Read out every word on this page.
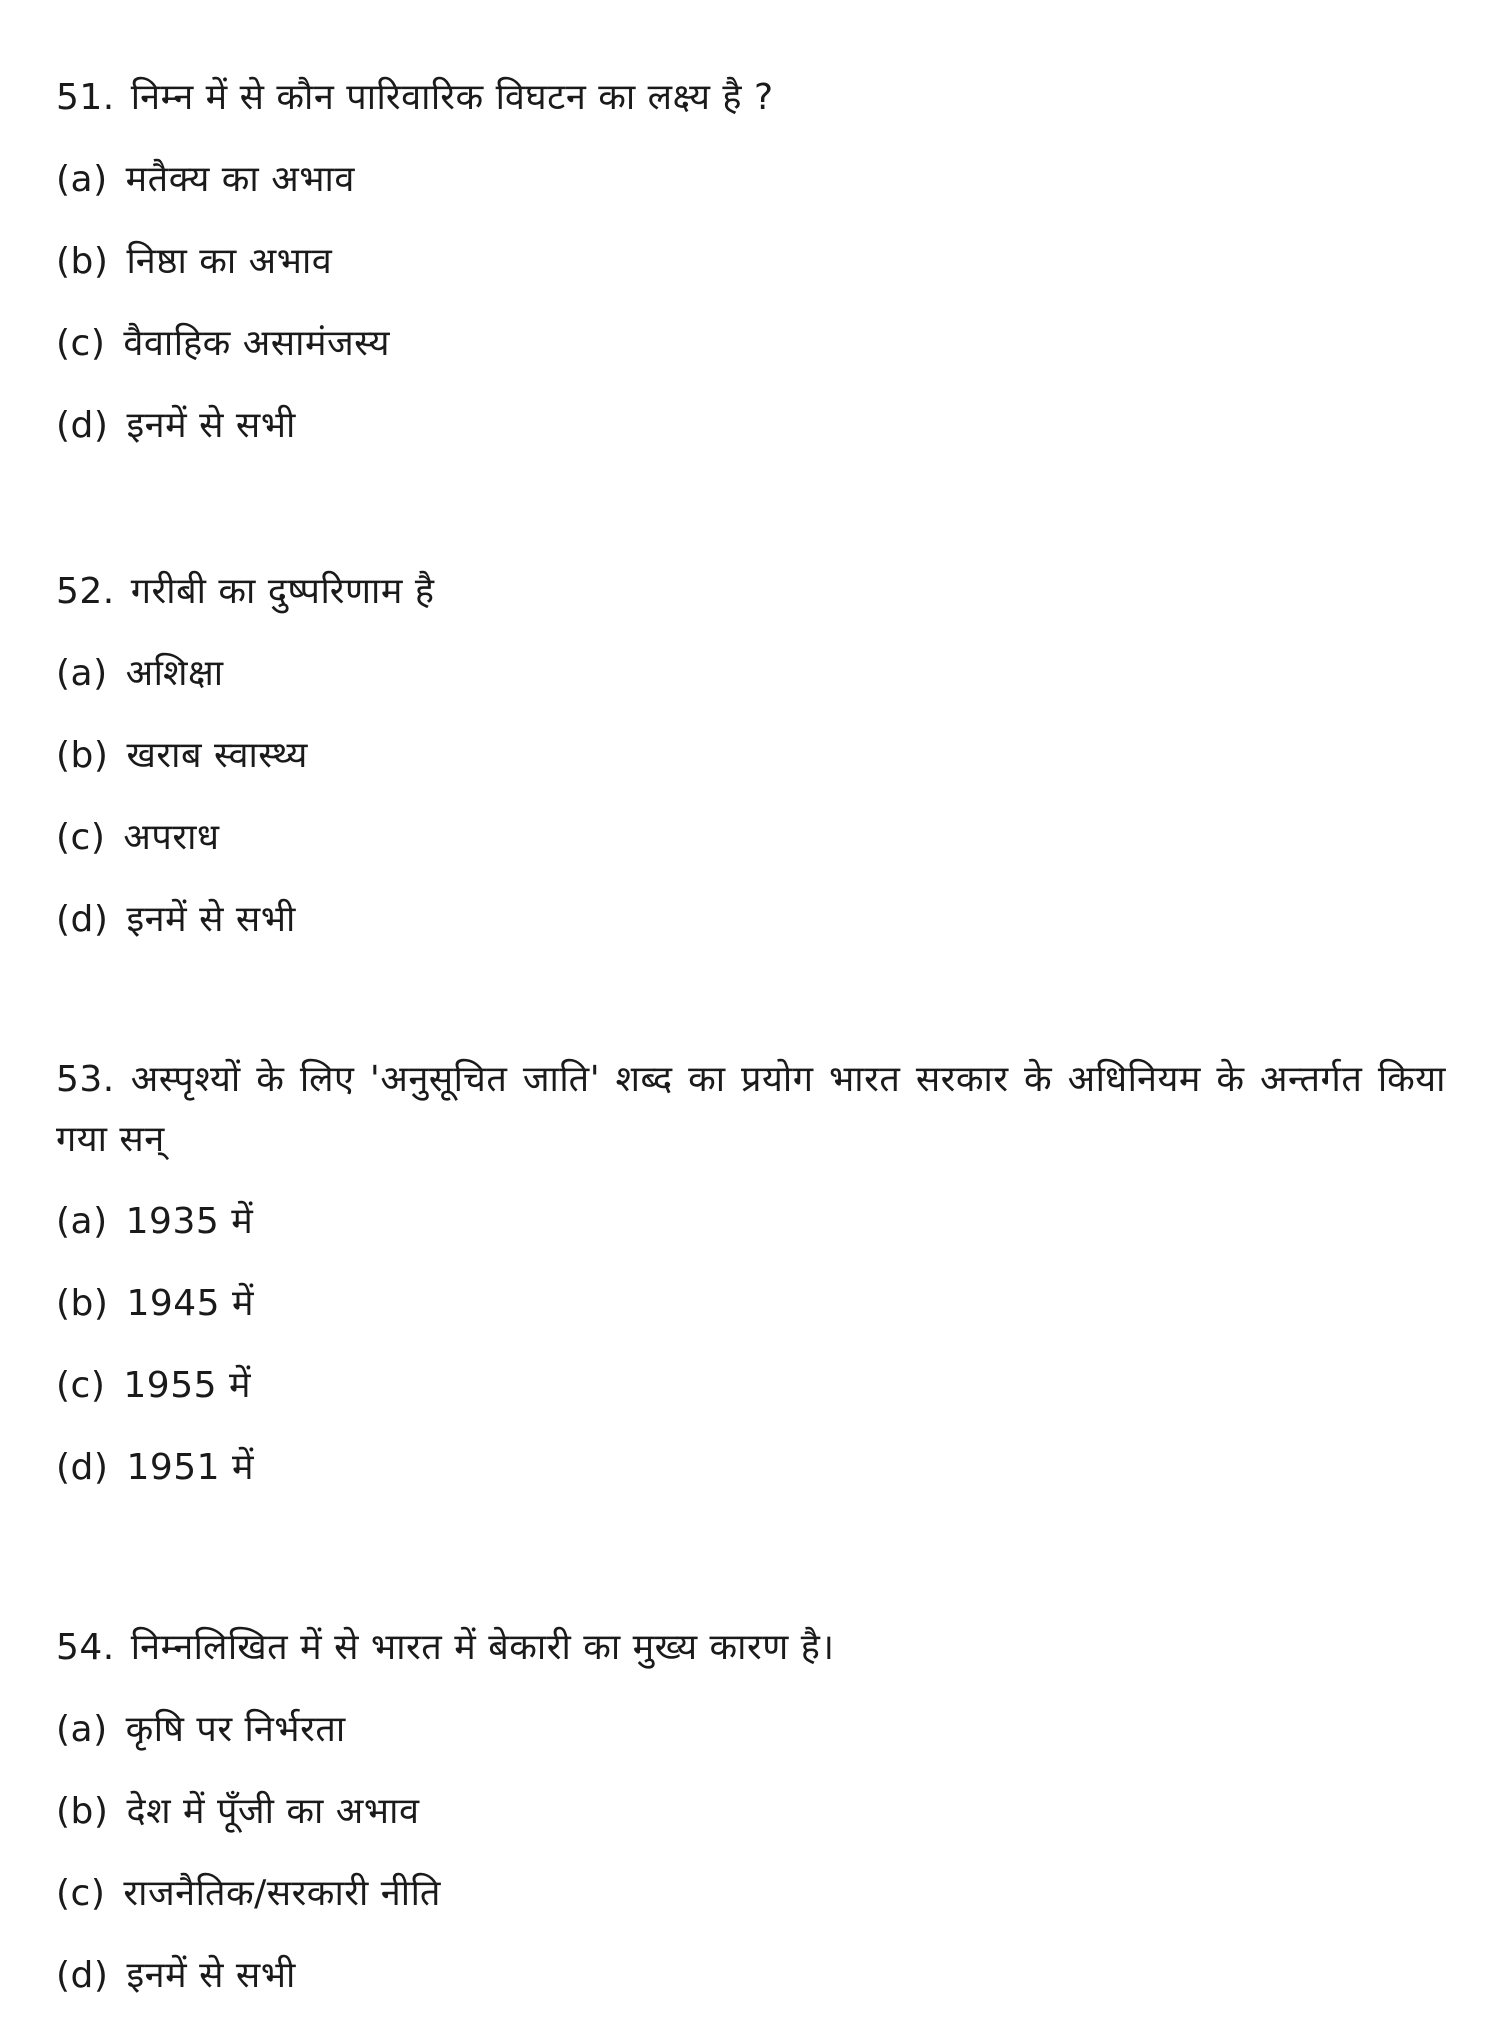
51. निम्न में से कौन पारिवारिक विघटन का लक्ष्य है ?

(a) मतैक्य का अभाव
(b) निष्ठा का अभाव
(c) वैवाहिक असामंजस्य
(d) इनमें से सभी

52. गरीबी का दुष्परिणाम है

(a) अशिक्षा
(b) खराब स्वास्थ्य
(c) अपराध
(d) इनमें से सभी

53. अस्पृश्यों के लिए 'अनुसूचित जाति' शब्द का प्रयोग भारत सरकार के अधिनियम के अन्तर्गत किया गया सन्

(a) 1935 में
(b) 1945 में
(c) 1955 में
(d) 1951 में

54. निम्नलिखित में से भारत में बेकारी का मुख्य कारण है।

(a) कृषि पर निर्भरता
(b) देश में पूँजी का अभाव
(c) राजनैतिक/सरकारी नीति
(d) इनमें से सभी
